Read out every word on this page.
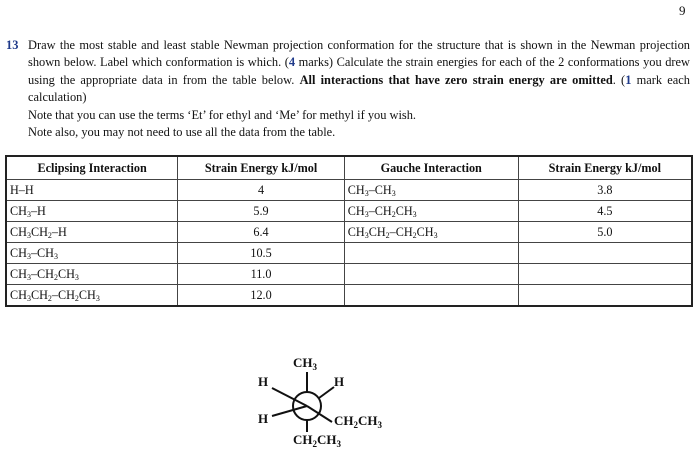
9
13 Draw the most stable and least stable Newman projection conformation for the structure that is shown in the Newman projection shown below. Label which conformation is which. (4 marks) Calculate the strain energies for each of the 2 conformations you drew using the appropriate data in from the table below. All interactions that have zero strain energy are omitted. (1 mark each calculation)
Note that you can use the terms ‘Et’ for ethyl and ‘Me’ for methyl if you wish.
Note also, you may not need to use all the data from the table.
Eclipsing Interaction	Strain Energy kJ/mol	Gauche Interaction	Strain Energy kJ/mol
H–H	4	$CH_3-CH_3$	3.8
$CH_3-H$	5.9	$CH_3-CH_2CH_3$	4.5
$CH_3CH_2-H$	6.4	$CH_3CH_2-CH_2CH_3$	5.0
$CH_3-CH_3$	10.5		
$CH_3-CH_2CH_3$	11.0		
$CH_3CH_2-CH_2CH_3$	12.0		
$CH_3$
H	H
H	$CH_2CH_3$
$CH_2CH_3$
